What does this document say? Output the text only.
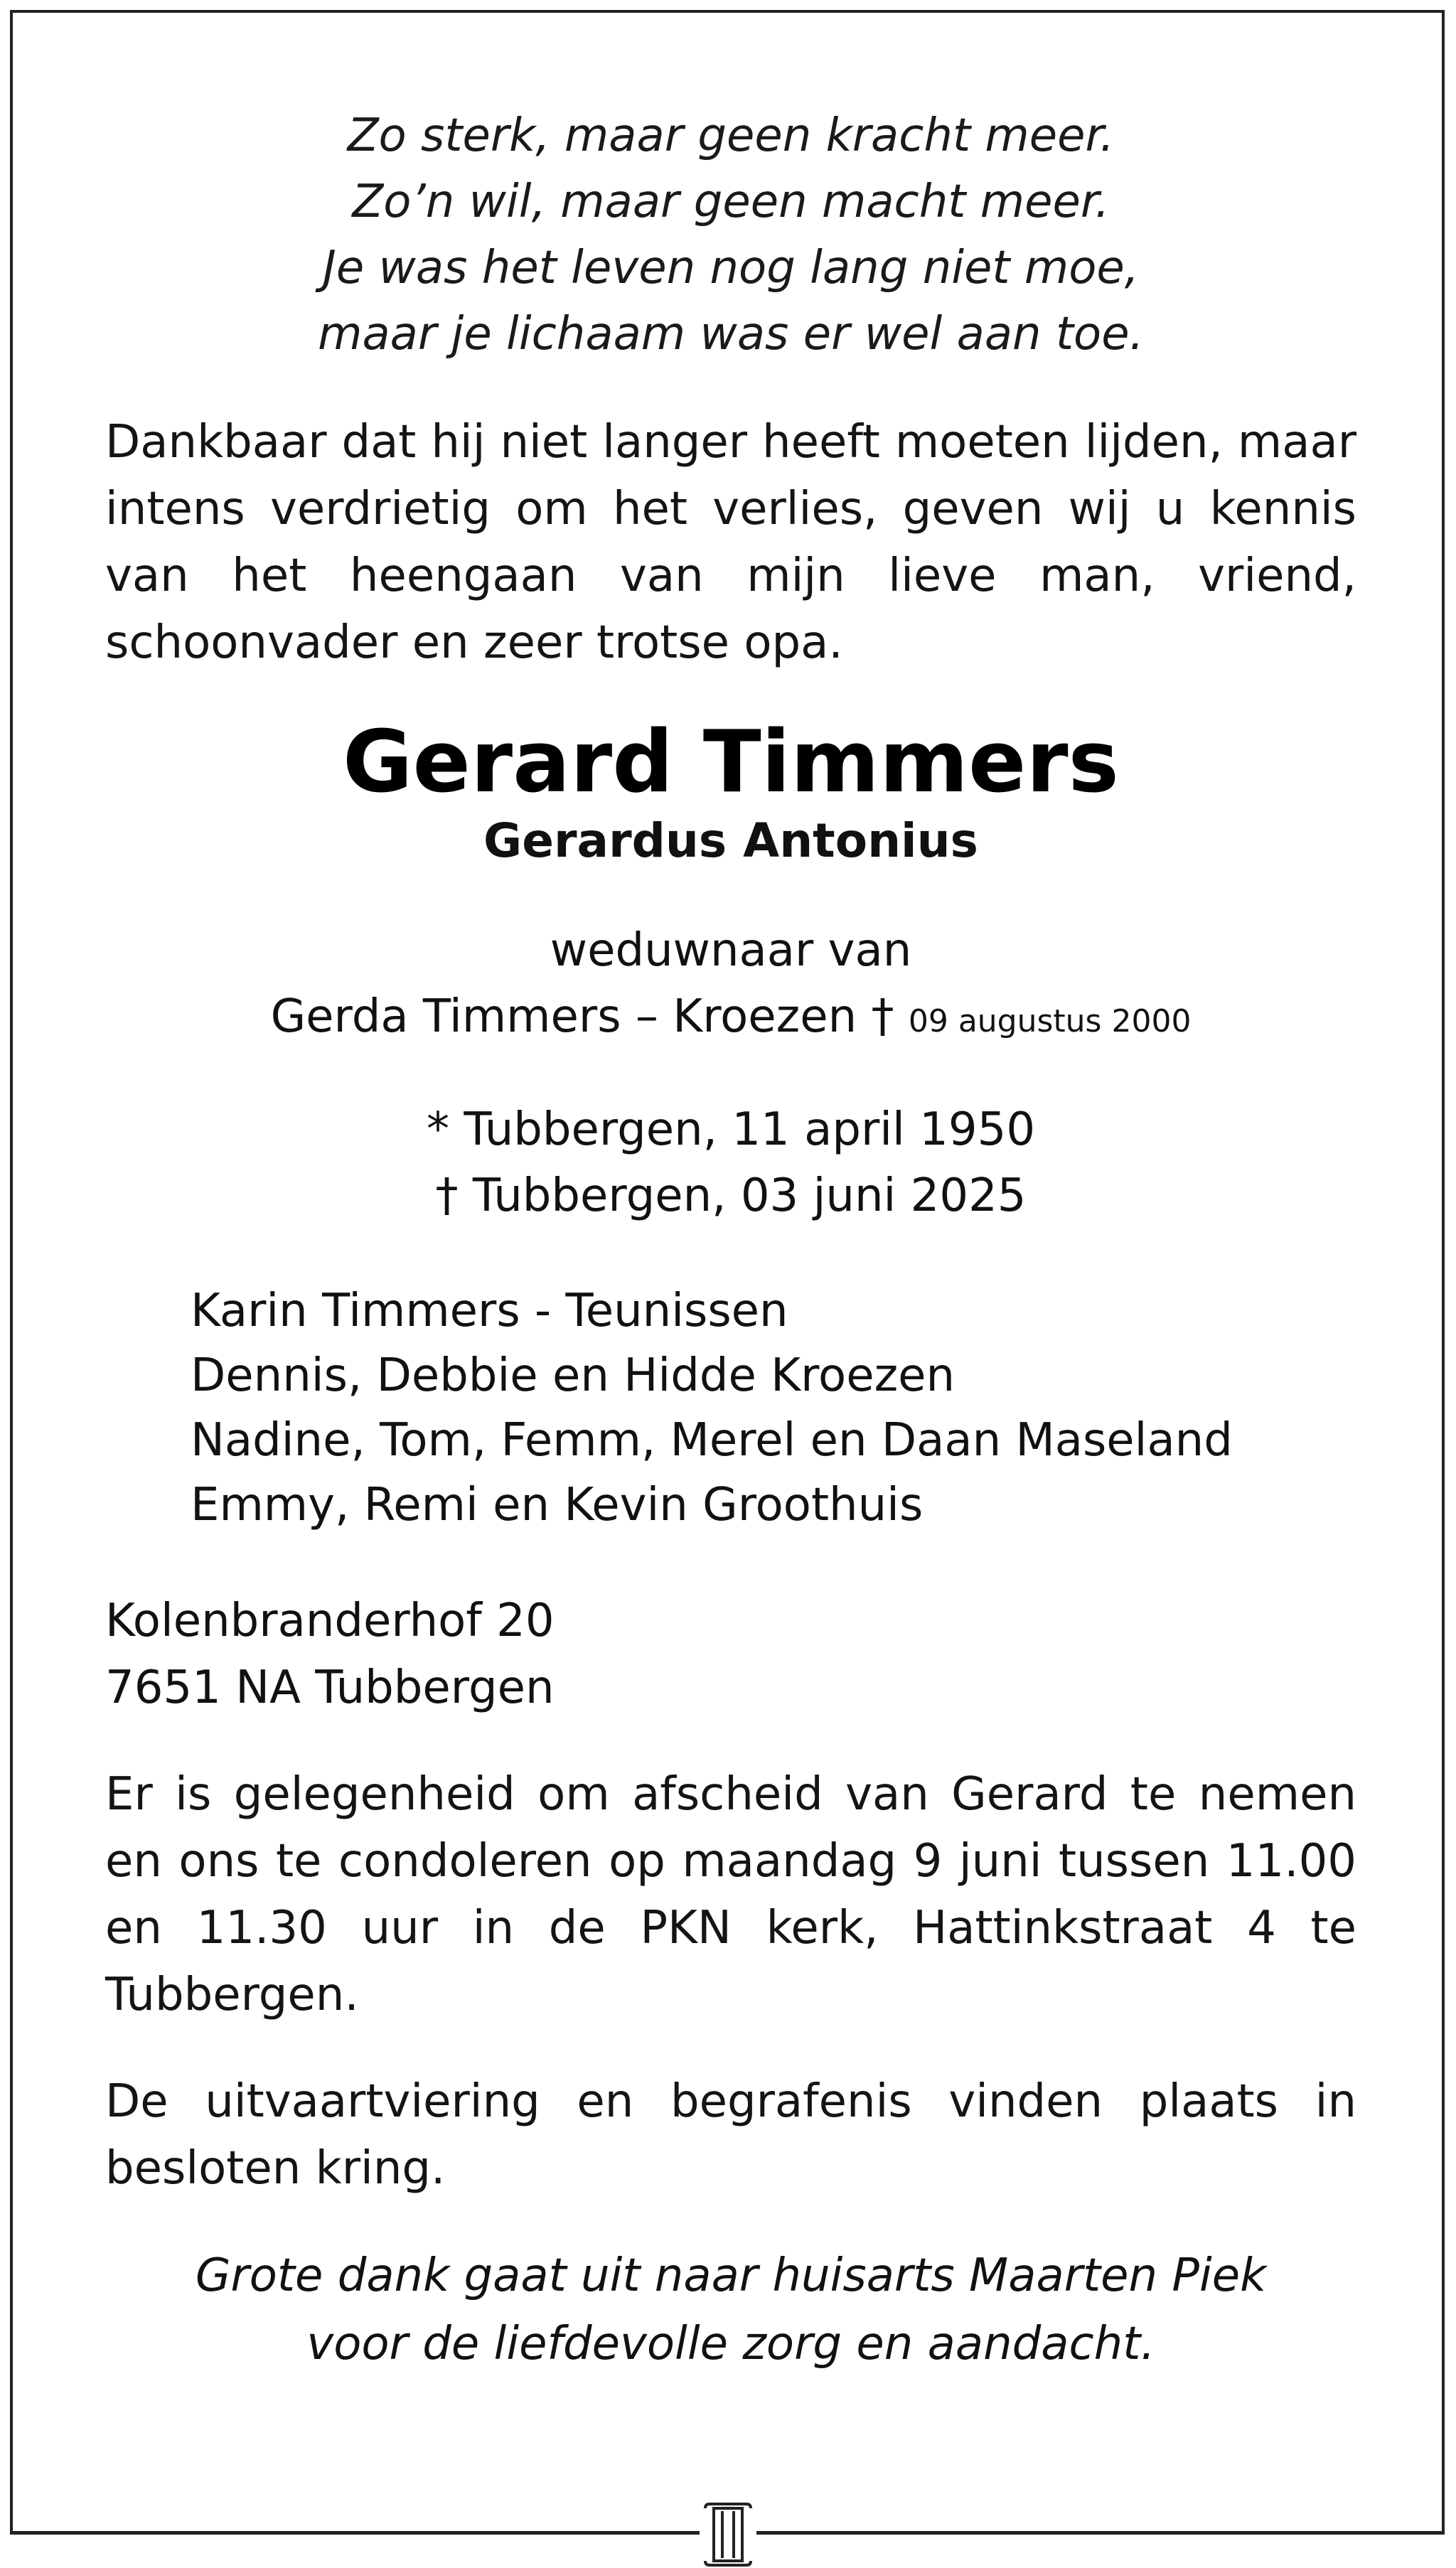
Zo sterk, maar geen kracht meer.
Zo’n wil, maar geen macht meer.
Je was het leven nog lang niet moe,
maar je lichaam was er wel aan toe.

Dankbaar dat hij niet langer heeft moeten lijden, maar intens verdrietig om het verlies, geven wij u kennis van het heengaan van mijn lieve man, vriend, schoonvader en zeer trotse opa.

Gerard Timmers
Gerardus Antonius
weduwnaar van
Gerda Timmers – Kroezen † 09 augustus 2000
* Tubbergen, 11 april 1950
† Tubbergen, 03 juni 2025
Karin Timmers - Teunissen
Dennis, Debbie en Hidde Kroezen
Nadine, Tom, Femm, Merel en Daan Maseland
Emmy, Remi en Kevin Groothuis
Kolenbranderhof 20
7651 NA Tubbergen

Er is gelegenheid om afscheid van Gerard te nemen en ons te condoleren op maandag 9 juni tussen 11.00 en 11.30 uur in de PKN kerk, Hattinkstraat 4 te Tubbergen.

De uitvaartviering en begrafenis vinden plaats in besloten kring.

Grote dank gaat uit naar huisarts Maarten Piek
voor de liefdevolle zorg en aandacht.
